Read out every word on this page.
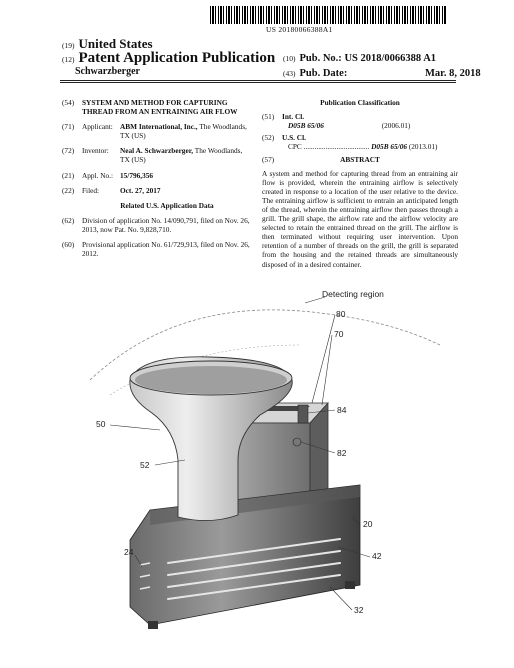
US 20180066388A1
(19) United States
(12) Patent Application Publication
Schwarzberger
(10) Pub. No.: US 2018/0066388 A1
(43) Pub. Date:	Mar. 8, 2018
(54) SYSTEM AND METHOD FOR CAPTURING THREAD FROM AN ENTRAINING AIR FLOW
(71) Applicant: ABM International, Inc., The Woodlands, TX (US)
(72) Inventor: Neal A. Schwarzberger, The Woodlands, TX (US)
(21) Appl. No.: 15/796,356
(22) Filed:	Oct. 27, 2017
Related U.S. Application Data
(62) Division of application No. 14/090,791, filed on Nov. 26, 2013, now Pat. No. 9,828,710.
(60) Provisional application No. 61/729,913, filed on Nov. 26, 2012.
Publication Classification
(51) Int. Cl.
D05B 65/06	(2006.01)
(52) U.S. Cl.
CPC .................................... D05B 65/06 (2013.01)
(57)	ABSTRACT
A system and method for capturing thread from an entraining air flow is provided, wherein the entraining airflow is selectively created in response to a location of the user relative to the device. The entraining airflow is sufficient to entrain an anticipated length of the thread, wherein the entraining airflow then passes through a grill. The grill shape, the airflow rate and the airflow velocity are selected to retain the entrained thread on the grill. The airflow is then terminated without requiring user intervention. Upon retention of a number of threads on the grill, the grill is separated from the housing and the retained threads are simultaneously disposed of in a desired container.
Detecting region
80
70
84
50
82
52
20
24	42
32
